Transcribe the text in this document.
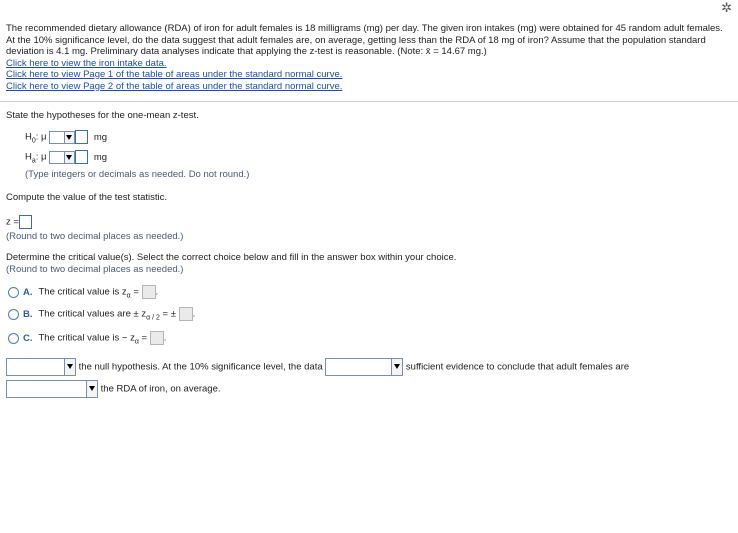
✲

The recommended dietary allowance (RDA) of iron for adult females is 18 milligrams (mg) per day. The given iron intakes (mg) were obtained for 45 random adult females. At the 10% significance level, do the data suggest that adult females are, on average, getting less than the RDA of 18 mg of iron? Assume that the population standard deviation is 4.1 mg. Preliminary data analyses indicate that applying the z-test is reasonable. (Note: x̄ = 14.67 mg.)

Click here to view the iron intake data.
Click here to view Page 1 of the table of areas under the standard normal curve.
Click here to view Page 2 of the table of areas under the standard normal curve.
State the hypotheses for the one-mean z-test.
$H_0$: μ	mg
$H_a$: μ	mg
(Type integers or decimals as needed. Do not round.)
Compute the value of the test statistic.
z =
(Round to two decimal places as needed.)
Determine the critical value(s). Select the correct choice below and fill in the answer box within your choice.
(Round to two decimal places as needed.)
A. The critical value is $z_\alpha$ = .
B. The critical values are ± $z_{\alpha / 2}$ = ± .
C. The critical value is − $z_\alpha$ = .
the null hypothesis. At the 10% significance level, the data	sufficient evidence to conclude that adult females are
the RDA of iron, on average.
